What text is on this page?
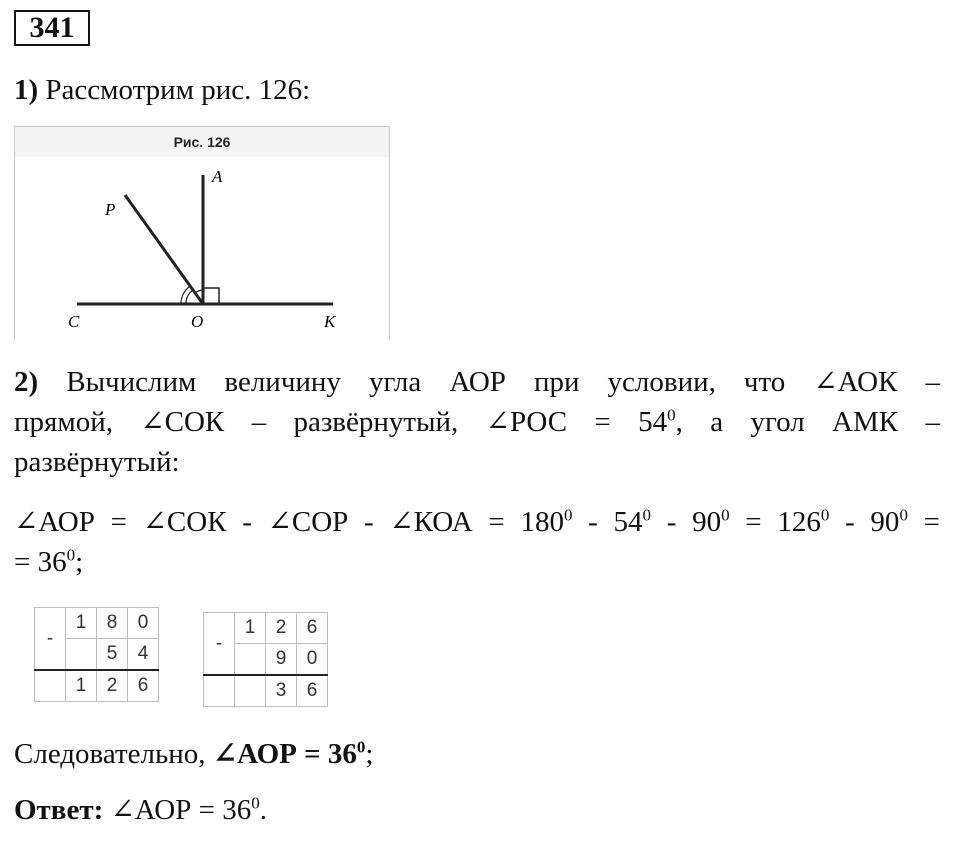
341

1) Рассмотрим рис. 126:

Рис. 126
P
A
C	O	K

2) Вычислим величину угла АОР при условии, что ∠АОК –

прямой, ∠СОК – развёрнутый, ∠РОС = $54^0$, а угол АМК –

развёрнутый:

∠АОР = ∠СОК - ∠СОР - ∠КОА = $180^0 - 54^0 - 90^0 = 126^0 - 90^0$ =

= $36^0$;

-	1	8	0
		5	4
	1	2	6
-	1	2	6
		9	0
		3	6

Следовательно, ∠АОР = $36^0$;

Ответ: ∠АОР = $36^0$.
